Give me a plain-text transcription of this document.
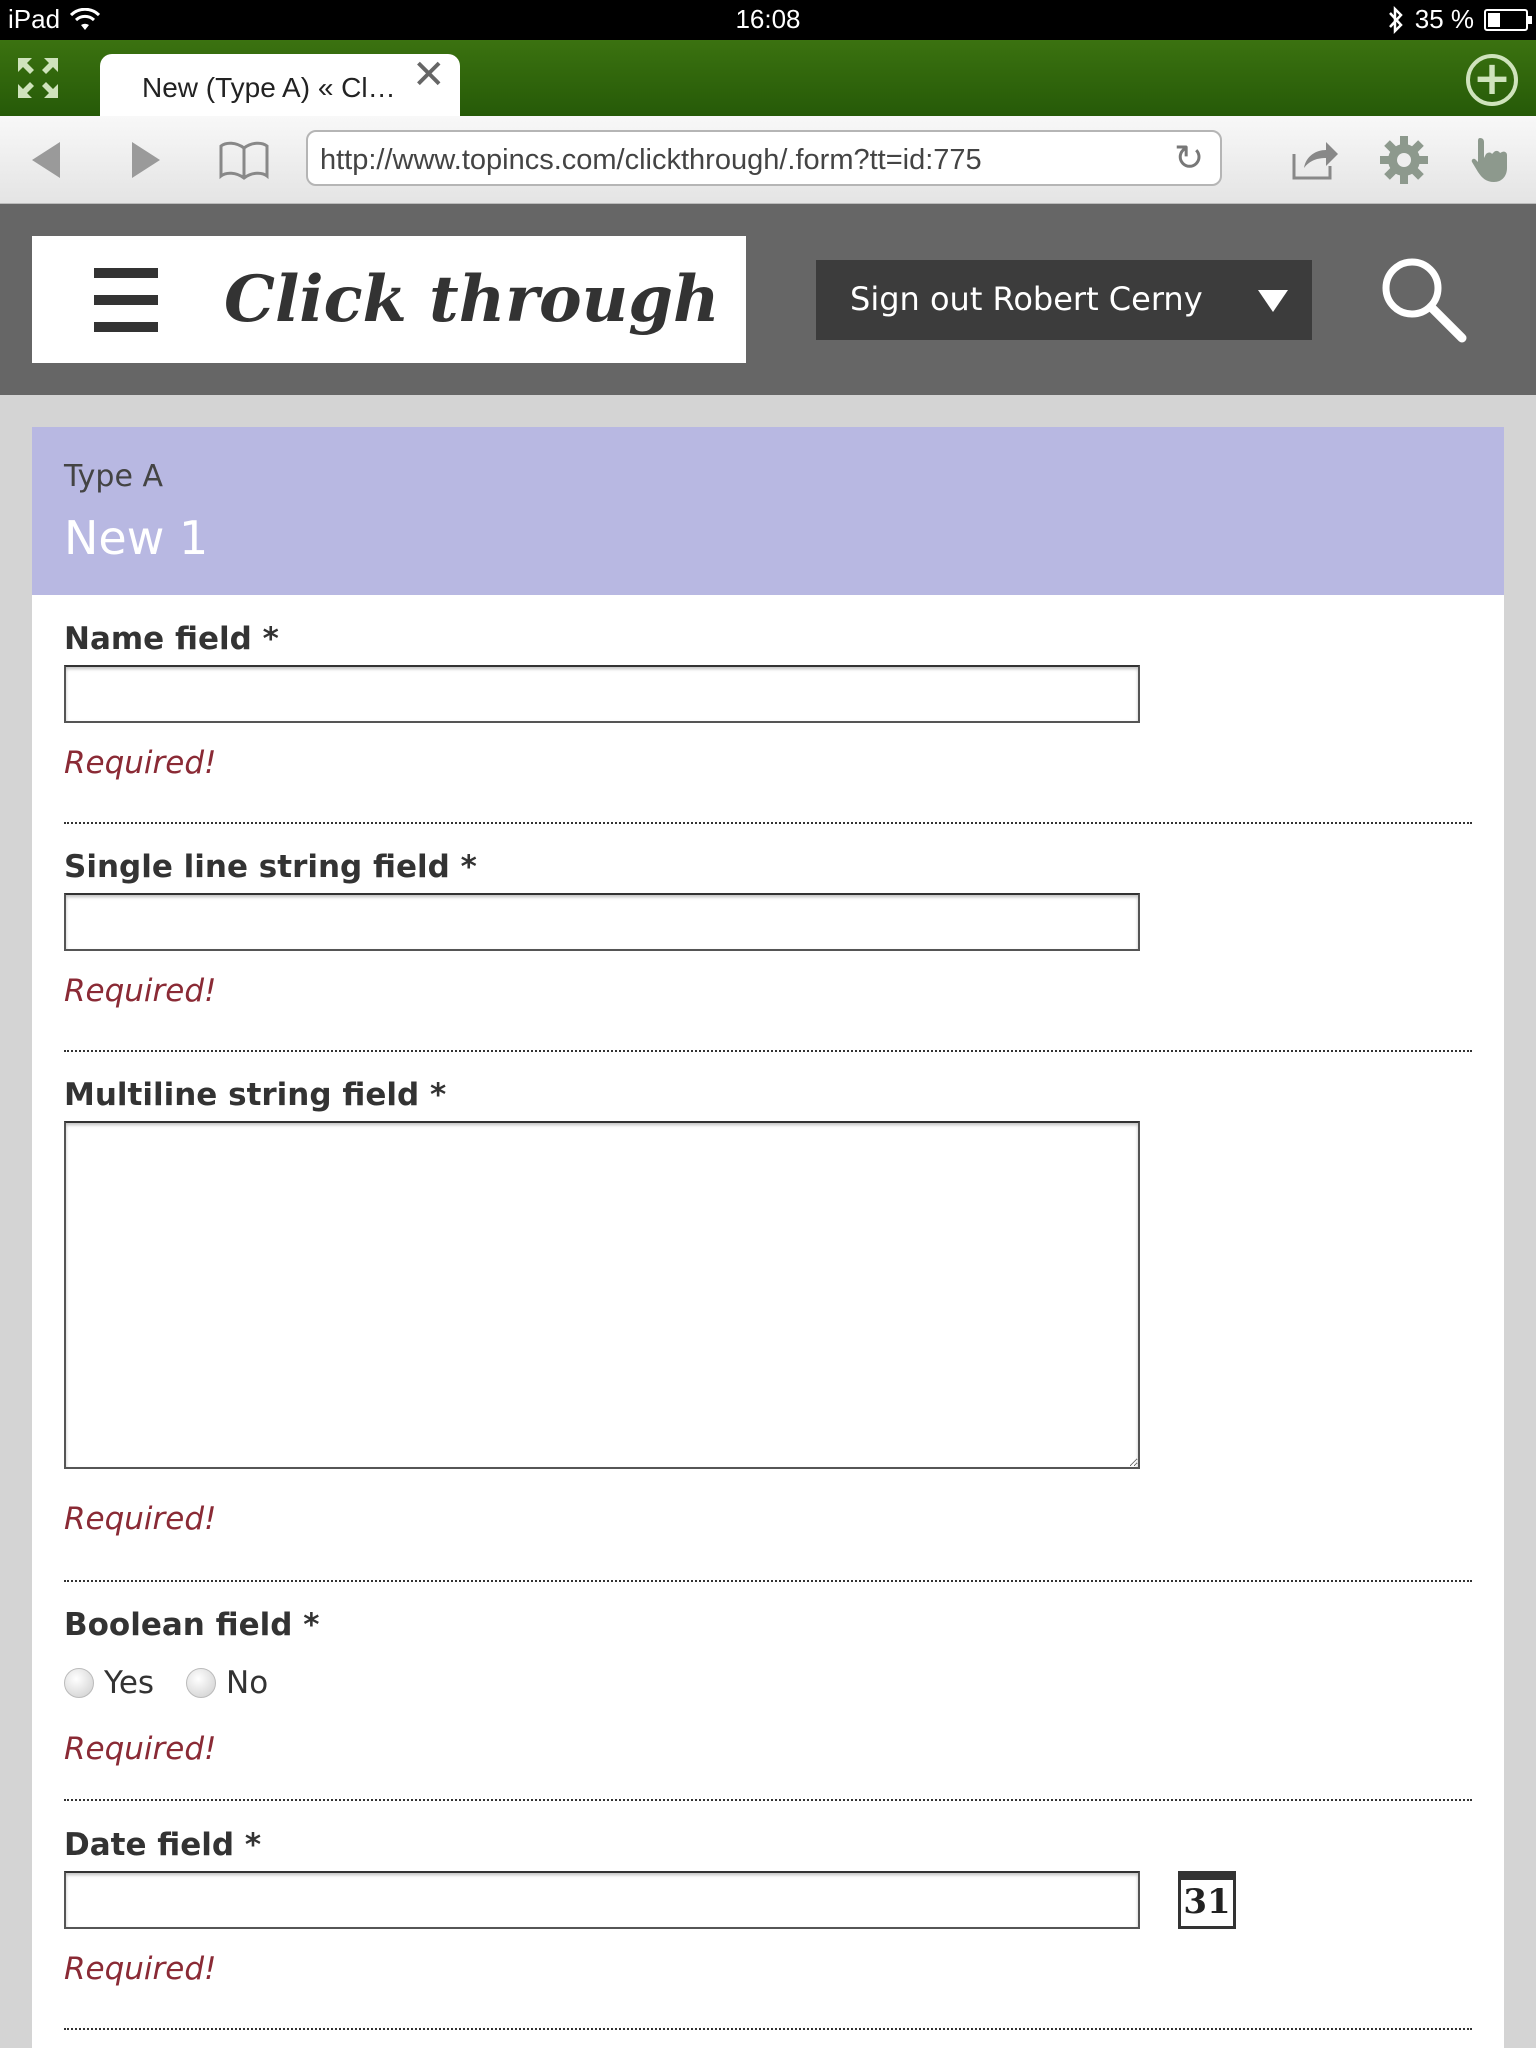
iPad	16:08	35 %
New (Type A) « Cl…	+
✕
http://www.topincs.com/clickthrough/.form?tt=id:775	↻
Click through	Sign out Robert Cerny
Type A
New 1
Name field *
Required!
Single line string field *
Required!
Multiline string field *
Required!
Boolean field *
Yes No
Required!
Date field *
31
Required!
